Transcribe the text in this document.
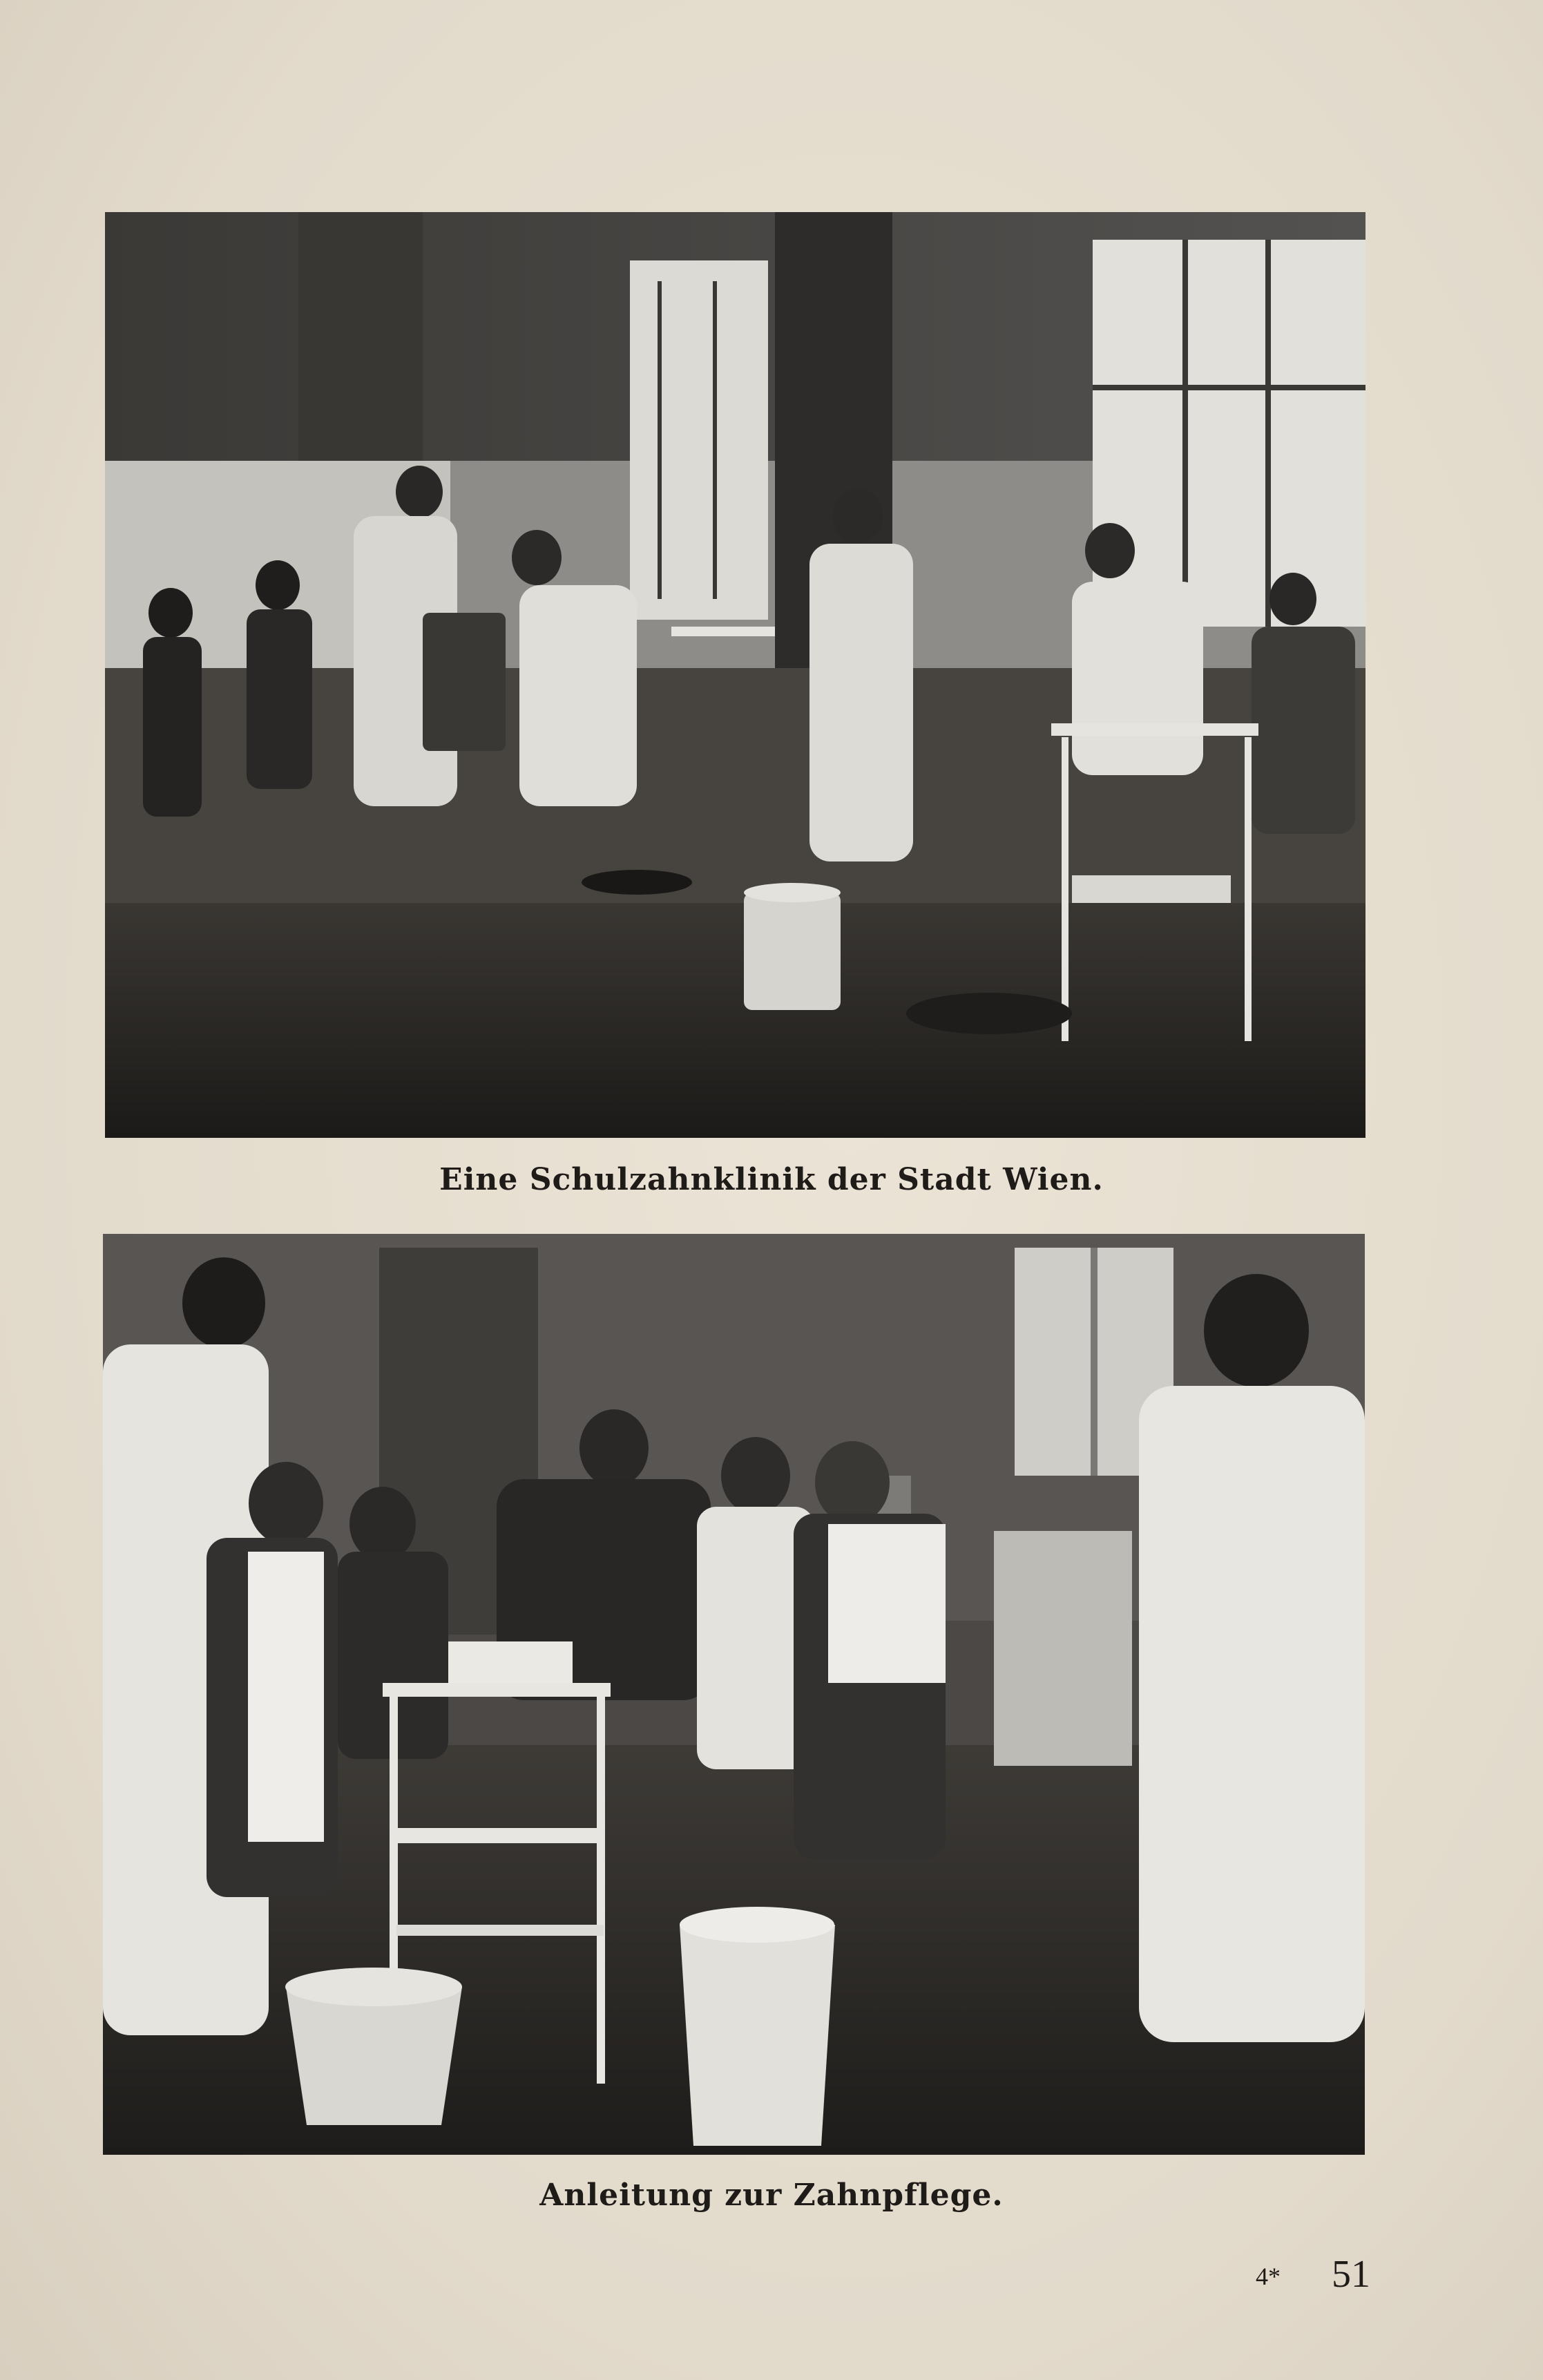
Eine Schulzahnklinik der Stadt Wien.
Anleitung zur Zahnpflege.
4* 51
